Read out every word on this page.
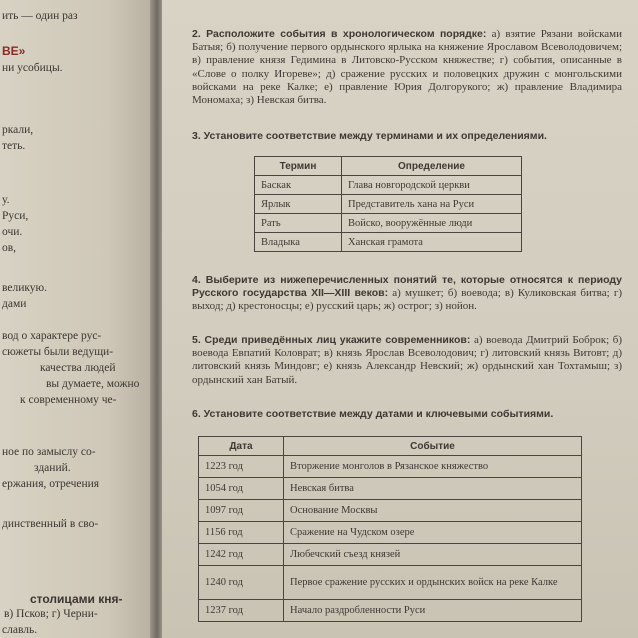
ить — один раз
ВЕ»
ни усобицы.
ркали,
теть.
у.
Руси,
очи.
ов,
великую.
дами
вод о характере рус-
сюжеты были ведущи-
качества людей
вы думаете, можно
к современному че-
ное по замыслу со-
зданий.
ержания, отречения
динственный в сво-
столицами кня-
в) Псков; г) Черни-
славль.
2. Расположите события в хронологическом порядке: а) взятие Рязани войсками Батыя; б) получение первого ордынского ярлыка на княжение Ярославом Всеволодовичем; в) правление князя Гедимина в Литовско-Русском княжестве; г) события, описанные в «Слове о полку Игореве»; д) сражение русских и половецких дружин с монгольскими войсками на реке Калке; е) правление Юрия Долгорукого; ж) правление Владимира Мономаха; з) Невская битва.
3. Установите соответствие между терминами и их определениями.
Термин	Определение
Баскак	Глава новгородской церкви
Ярлык	Представитель хана на Руси
Рать	Войско, вооружённые люди
Владыка	Ханская грамота
4. Выберите из нижеперечисленных понятий те, которые относятся к периоду Русского государства XII—XIII веков: а) мушкет; б) воевода; в) Куликовская битва; г) выход; д) крестоносцы; е) русский царь; ж) острог; з) нойон.
5. Среди приведённых лиц укажите современников: а) воевода Дмитрий Боброк; б) воевода Евпатий Коловрат; в) князь Ярослав Всеволодович; г) литовский князь Витовт; д) литовский князь Миндовг; е) князь Александр Невский; ж) ордынский хан Тохтамыш; з) ордынский хан Батый.
6. Установите соответствие между датами и ключевыми событиями.
Дата	Событие
1223 год	Вторжение монголов в Рязанское княжество
1054 год	Невская битва
1097 год	Основание Москвы
1156 год	Сражение на Чудском озере
1242 год	Любечский съезд князей
1240 год	Первое сражение русских и ордынских войск на реке Калке
1237 год	Начало раздробленности Руси
